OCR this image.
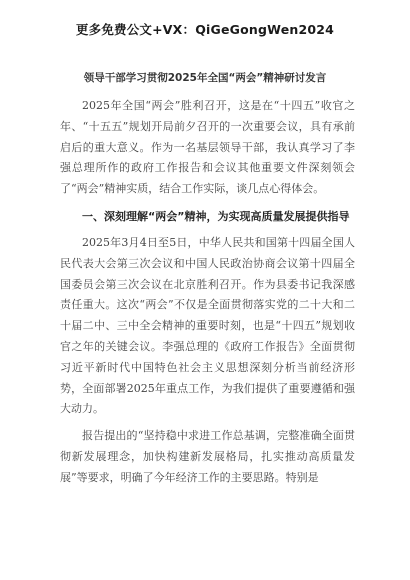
更多免费公文+VX：QiGeGongWen2024
领导干部学习贯彻2025年全国“两会”精神研讨发言

2025年全国“两会”胜利召开，这是在“十四五”收官之年、“十五五”规划开局前夕召开的一次重要会议，具有承前启后的重大意义。作为一名基层领导干部，我认真学习了李强总理所作的政府工作报告和会议其他重要文件深刻领会了“两会”精神实质，结合工作实际，谈几点心得体会。

一、深刻理解“两会”精神，为实现高质量发展提供指导

2025年3月4日至5日，中华人民共和国第十四届全国人民代表大会第三次会议和中国人民政治协商会议第十四届全国委员会第三次会议在北京胜利召开。作为县委书记我深感责任重大。这次“两会”不仅是全面贯彻落实党的二十大和二十届二中、三中全会精神的重要时刻，也是“十四五”规划收官之年的关键会议。李强总理的《政府工作报告》全面贯彻习近平新时代中国特色社会主义思想深刻分析当前经济形势，全面部署2025年重点工作，为我们提供了重要遵循和强大动力。

报告提出的“坚持稳中求进工作总基调，完整准确全面贯彻新发展理念，加快构建新发展格局，扎实推动高质量发展”等要求，明确了今年经济工作的主要思路。特别是
